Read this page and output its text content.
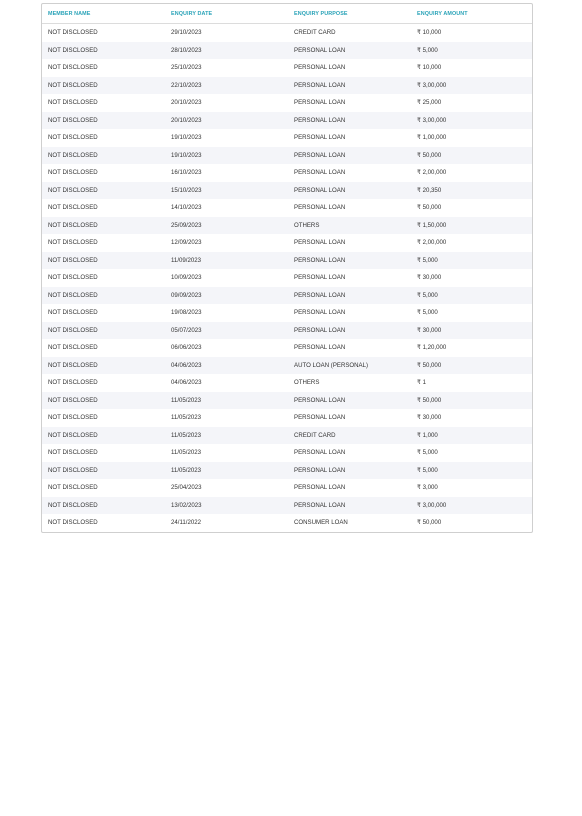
MEMBER NAME	ENQUIRY DATE	ENQUIRY PURPOSE	ENQUIRY AMOUNT
NOT DISCLOSED	29/10/2023	CREDIT CARD	₹ 10,000
NOT DISCLOSED	28/10/2023	PERSONAL LOAN	₹ 5,000
NOT DISCLOSED	25/10/2023	PERSONAL LOAN	₹ 10,000
NOT DISCLOSED	22/10/2023	PERSONAL LOAN	₹ 3,00,000
NOT DISCLOSED	20/10/2023	PERSONAL LOAN	₹ 25,000
NOT DISCLOSED	20/10/2023	PERSONAL LOAN	₹ 3,00,000
NOT DISCLOSED	19/10/2023	PERSONAL LOAN	₹ 1,00,000
NOT DISCLOSED	19/10/2023	PERSONAL LOAN	₹ 50,000
NOT DISCLOSED	16/10/2023	PERSONAL LOAN	₹ 2,00,000
NOT DISCLOSED	15/10/2023	PERSONAL LOAN	₹ 20,350
NOT DISCLOSED	14/10/2023	PERSONAL LOAN	₹ 50,000
NOT DISCLOSED	25/09/2023	OTHERS	₹ 1,50,000
NOT DISCLOSED	12/09/2023	PERSONAL LOAN	₹ 2,00,000
NOT DISCLOSED	11/09/2023	PERSONAL LOAN	₹ 5,000
NOT DISCLOSED	10/09/2023	PERSONAL LOAN	₹ 30,000
NOT DISCLOSED	09/09/2023	PERSONAL LOAN	₹ 5,000
NOT DISCLOSED	19/08/2023	PERSONAL LOAN	₹ 5,000
NOT DISCLOSED	05/07/2023	PERSONAL LOAN	₹ 30,000
NOT DISCLOSED	06/06/2023	PERSONAL LOAN	₹ 1,20,000
NOT DISCLOSED	04/06/2023	AUTO LOAN (PERSONAL)	₹ 50,000
NOT DISCLOSED	04/06/2023	OTHERS	₹ 1
NOT DISCLOSED	11/05/2023	PERSONAL LOAN	₹ 50,000
NOT DISCLOSED	11/05/2023	PERSONAL LOAN	₹ 30,000
NOT DISCLOSED	11/05/2023	CREDIT CARD	₹ 1,000
NOT DISCLOSED	11/05/2023	PERSONAL LOAN	₹ 5,000
NOT DISCLOSED	11/05/2023	PERSONAL LOAN	₹ 5,000
NOT DISCLOSED	25/04/2023	PERSONAL LOAN	₹ 3,000
NOT DISCLOSED	13/02/2023	PERSONAL LOAN	₹ 3,00,000
NOT DISCLOSED	24/11/2022	CONSUMER LOAN	₹ 50,000
